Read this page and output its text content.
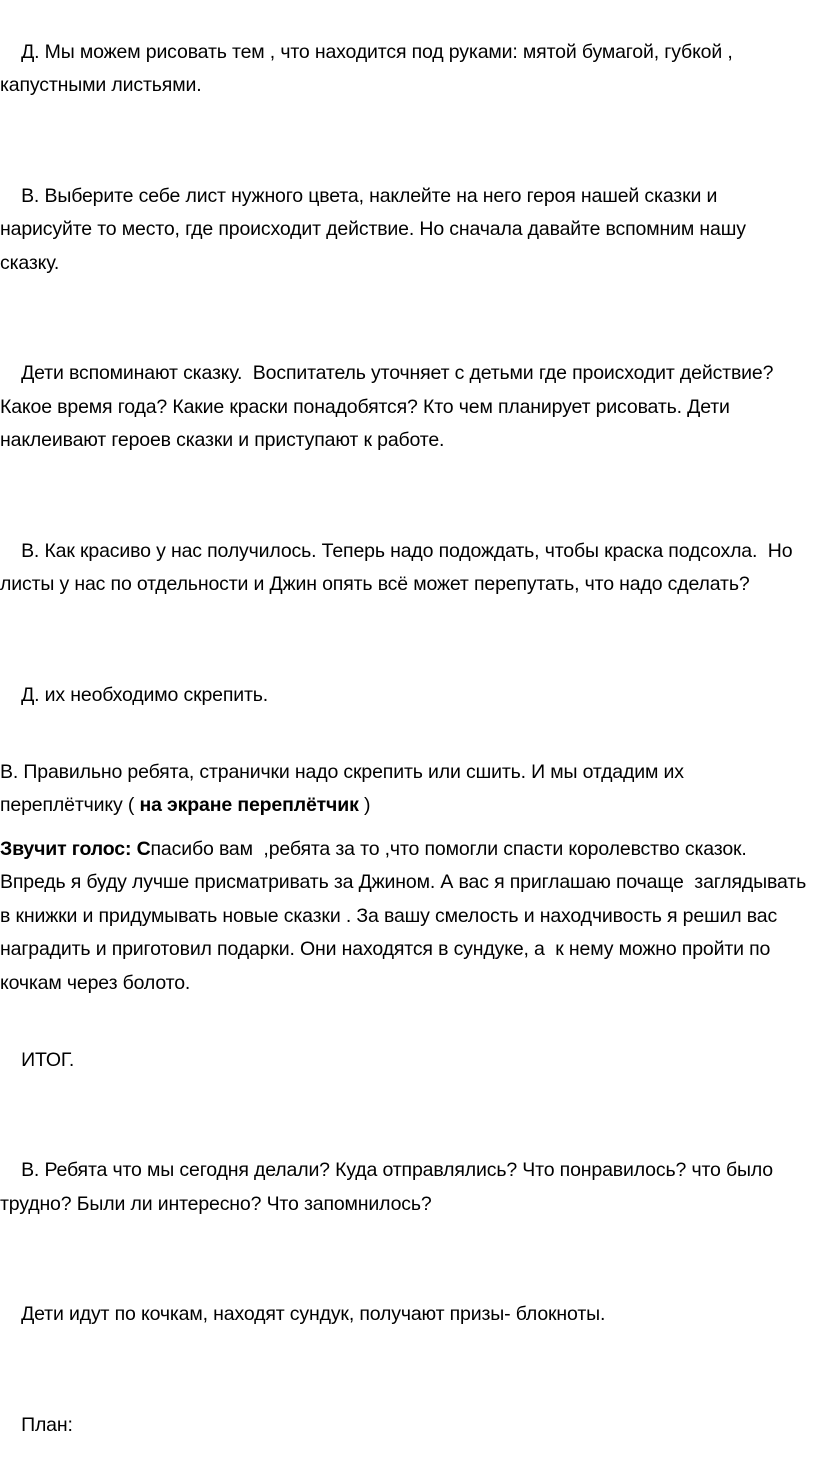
Д. Мы можем рисовать тем , что находится под руками: мятой бумагой, губкой , капустными листьями.

В. Выберите себе лист нужного цвета, наклейте на него героя нашей сказки и нарисуйте то место, где происходит действие. Но сначала давайте вспомним нашу сказку.

Дети вспоминают сказку.  Воспитатель уточняет с детьми где происходит действие? Какое время года? Какие краски понадобятся? Кто чем планирует рисовать. Дети наклеивают героев сказки и приступают к работе.

В. Как красиво у нас получилось. Теперь надо подождать, чтобы краска подсохла.  Но листы у нас по отдельности и Джин опять всё может перепутать, что надо сделать?

Д. их необходимо скрепить.

В. Правильно ребята, странички надо скрепить или сшить. И мы отдадим их переплётчику ( на экране переплётчик )

Звучит голос: Спасибо вам  ,ребята за то ,что помогли спасти королевство сказок. Впредь я буду лучше присматривать за Джином. А вас я приглашаю почаще  заглядывать в книжки и придумывать новые сказки . За вашу смелость и находчивость я решил вас наградить и приготовил подарки. Они находятся в сундуке, а  к нему можно пройти по кочкам через болото.

ИТОГ.

В. Ребята что мы сегодня делали? Куда отправлялись? Что понравилось? что было трудно? Были ли интересно? Что запомнилось?

Дети идут по кочкам, находят сундук, получают призы- блокноты.

План:
